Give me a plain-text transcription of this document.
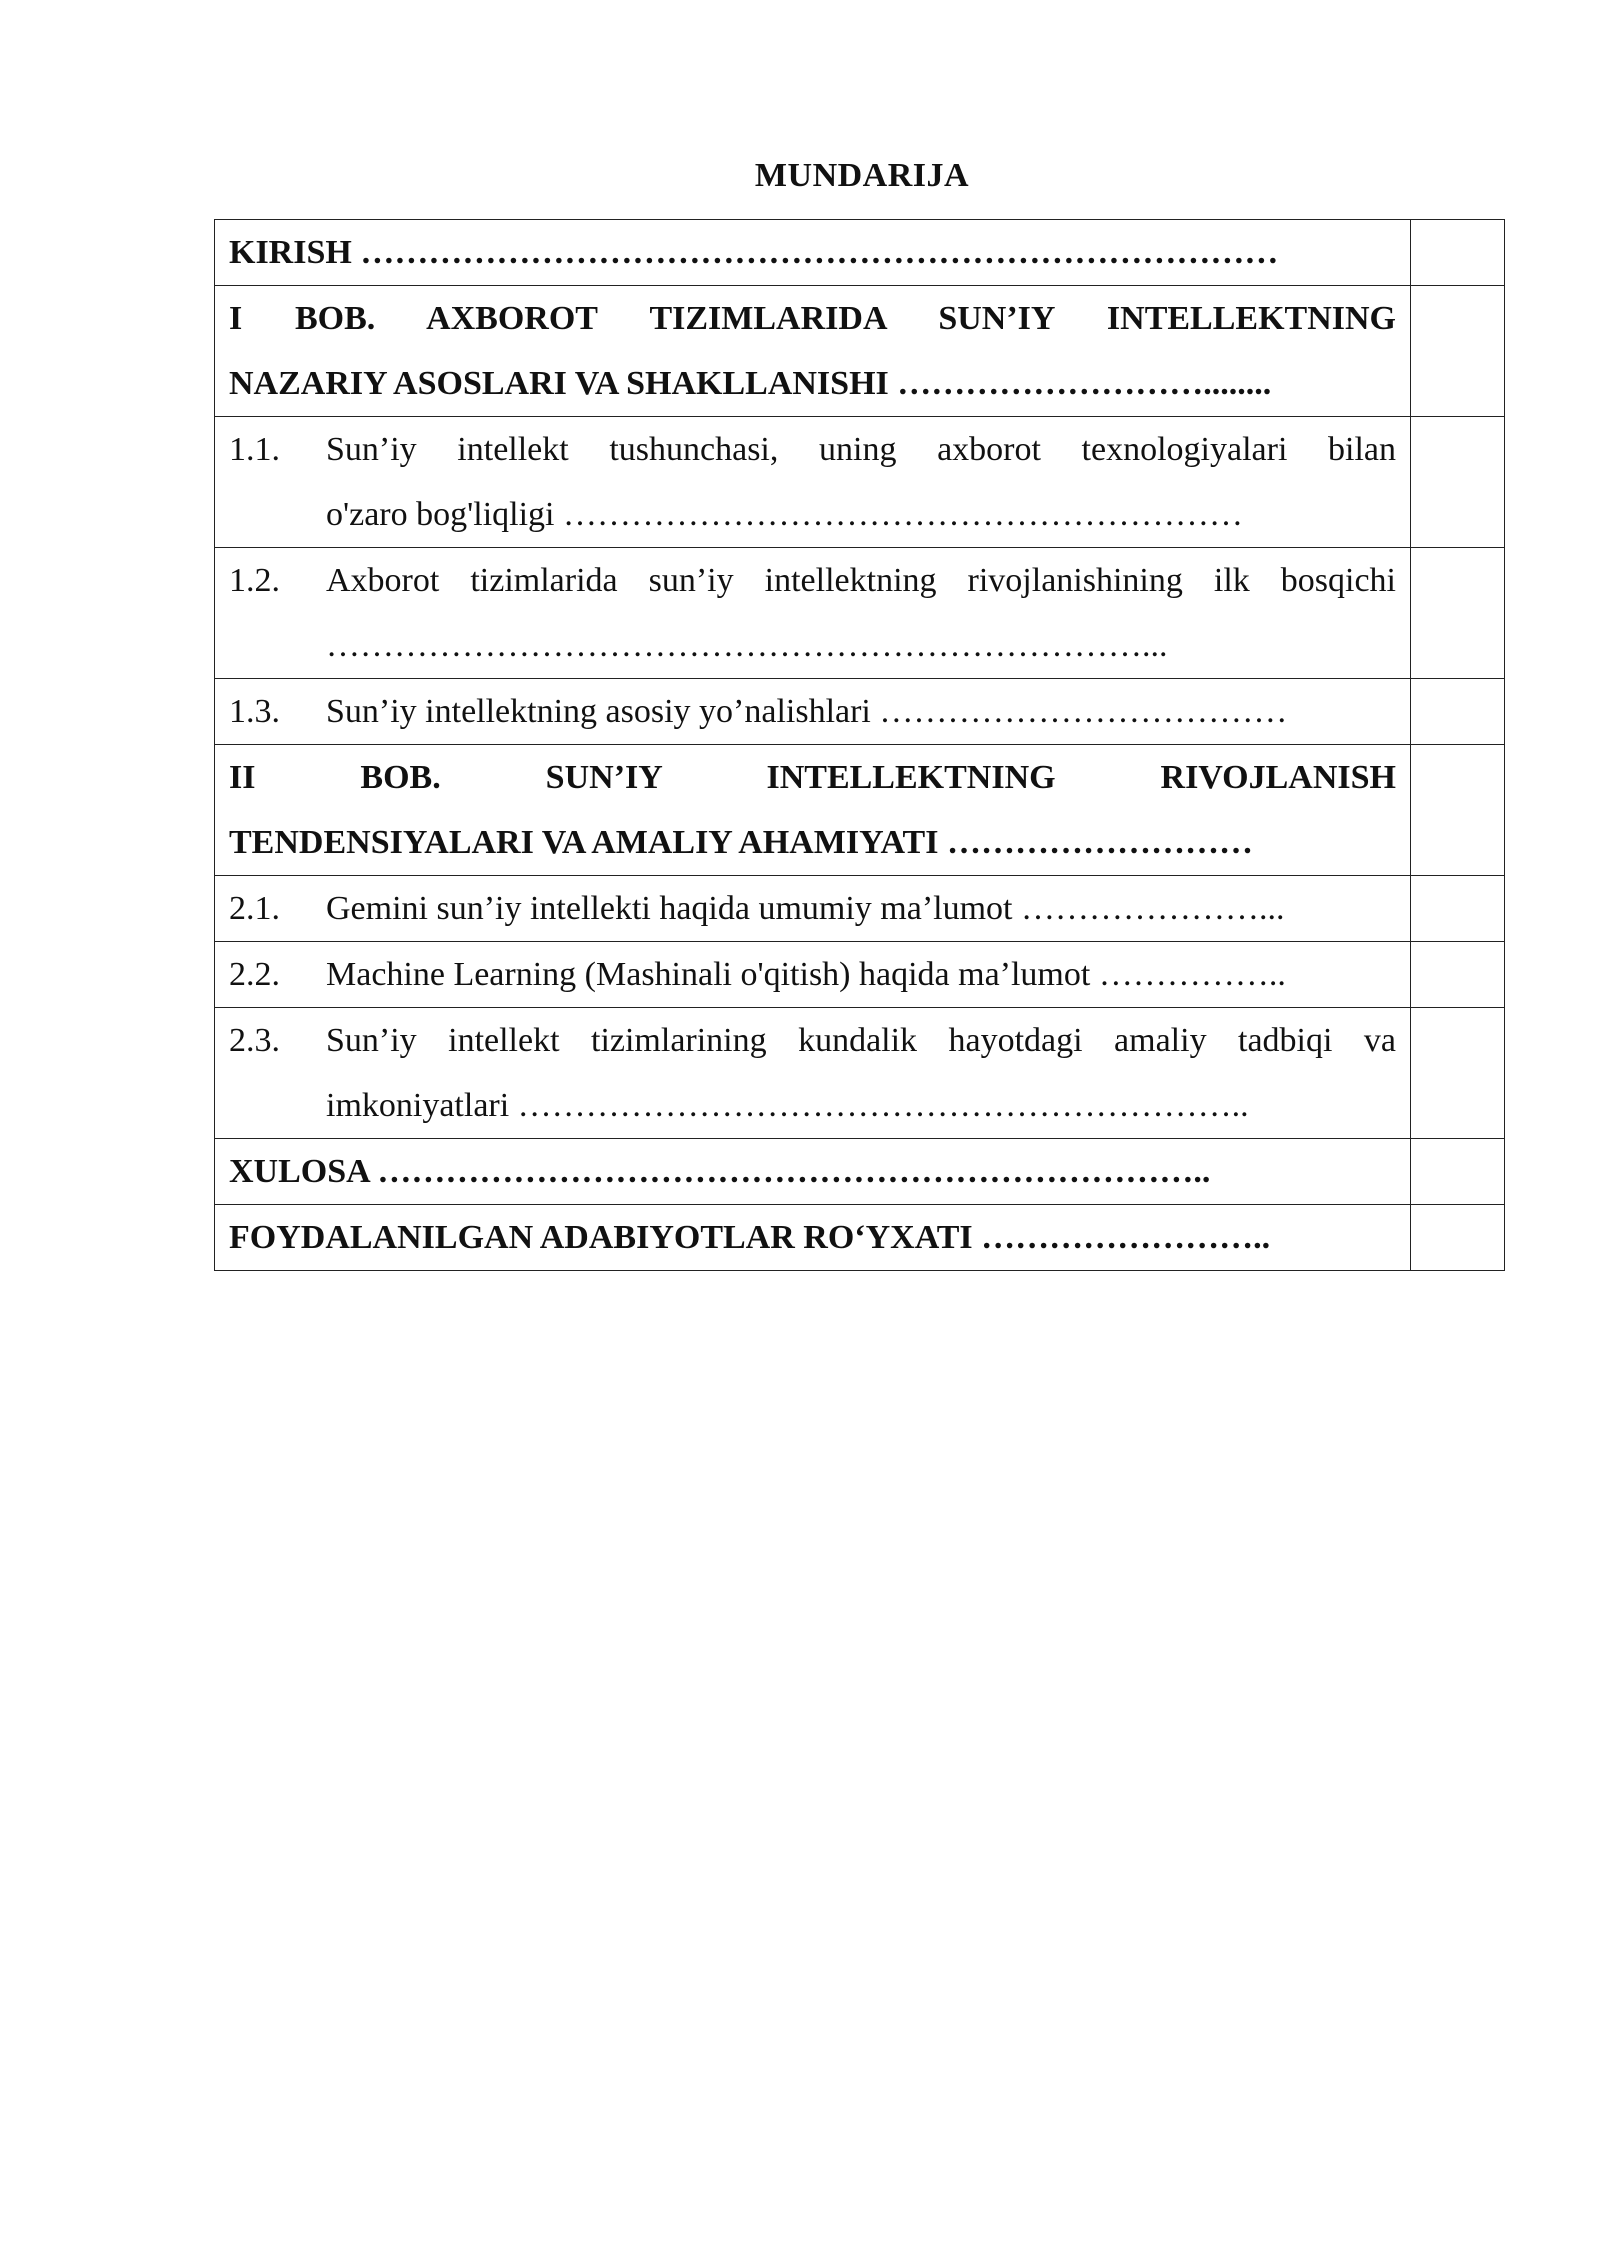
MUNDARIJA
KIRISH ………………………………………………………………………	

I BOB. AXBOROT TIZIMLARIDA SUN’IY INTELLEKTNING
NAZARIY ASOSLARI VA SHAKLLANISHI ………………………........	

1.1. Sun’iy intellekt tushunchasi, uning axborot texnologiyalari bilan
o'zaro bog'liqligi ……………………………………………………	

1.2. Axborot tizimlarida sun’iy intellektning rivojlanishining ilk bosqichi
………………………………………………………………...	

1.3. Sun’iy intellektning asosiy yo’nalishlari ………………………………	

II BOB. SUN’IY INTELLEKTNING RIVOJLANISH
TENDENSIYALARI VA AMALIY AHAMIYATI ………………………	

2.1. Gemini sun’iy intellekti haqida umumiy ma’lumot …………………...	

2.2. Machine Learning (Mashinali o'qitish) haqida ma’lumot ……………..	

2.3. Sun’iy intellekt tizimlarining kundalik hayotdagi amaliy tadbiqi va
imkoniyatlari ………………………………………………………..	

XULOSA ………………………………………………………………..	

FOYDALANILGAN ADABIYOTLAR RO‘YXATI ……………………..	
